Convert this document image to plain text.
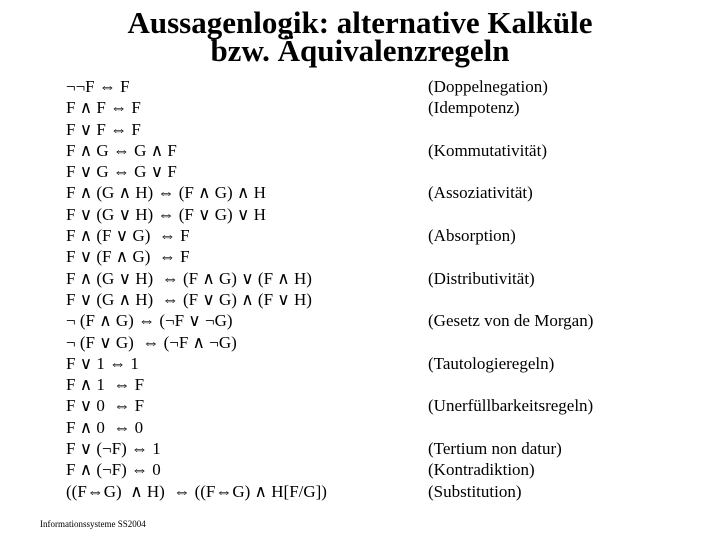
Aussagenlogik: alternative Kalküle
bzw. Äquivalenzregeln
¬¬F ⇔ F
F ∧ F ⇔ F
F ∨ F ⇔ F
F ∧ G ⇔ G ∧ F
F ∨ G ⇔ G ∨ F
F ∧ (G ∧ H) ⇔ (F ∧ G) ∧ H
F ∨ (G ∨ H) ⇔ (F ∨ G) ∨ H
F ∧ (F ∨ G)  ⇔ F
F ∨ (F ∧ G)  ⇔ F
F ∧ (G ∨ H)  ⇔ (F ∧ G) ∨ (F ∧ H)
F ∨ (G ∧ H)  ⇔ (F ∨ G) ∧ (F ∨ H)
¬ (F ∧ G) ⇔ (¬F ∨ ¬G)
¬ (F ∨ G)  ⇔ (¬F ∧ ¬G)
F ∨ 1 ⇔ 1
F ∧ 1  ⇔ F
F ∨ 0  ⇔ F
F ∧ 0  ⇔ 0
F ∨ (¬F) ⇔ 1
F ∧ (¬F) ⇔ 0
((F⇔G)  ∧ H)  ⇔ ((F⇔G) ∧ H[F/G])
(Doppelnegation)
(Idempotenz)
(Kommutativität)
(Assoziativität)
(Absorption)
(Distributivität)
(Gesetz von de Morgan)
(Tautologieregeln)
(Unerfüllbarkeitsregeln)
(Tertium non datur)
(Kontradiktion)
(Substitution)
Informationssysteme SS2004
